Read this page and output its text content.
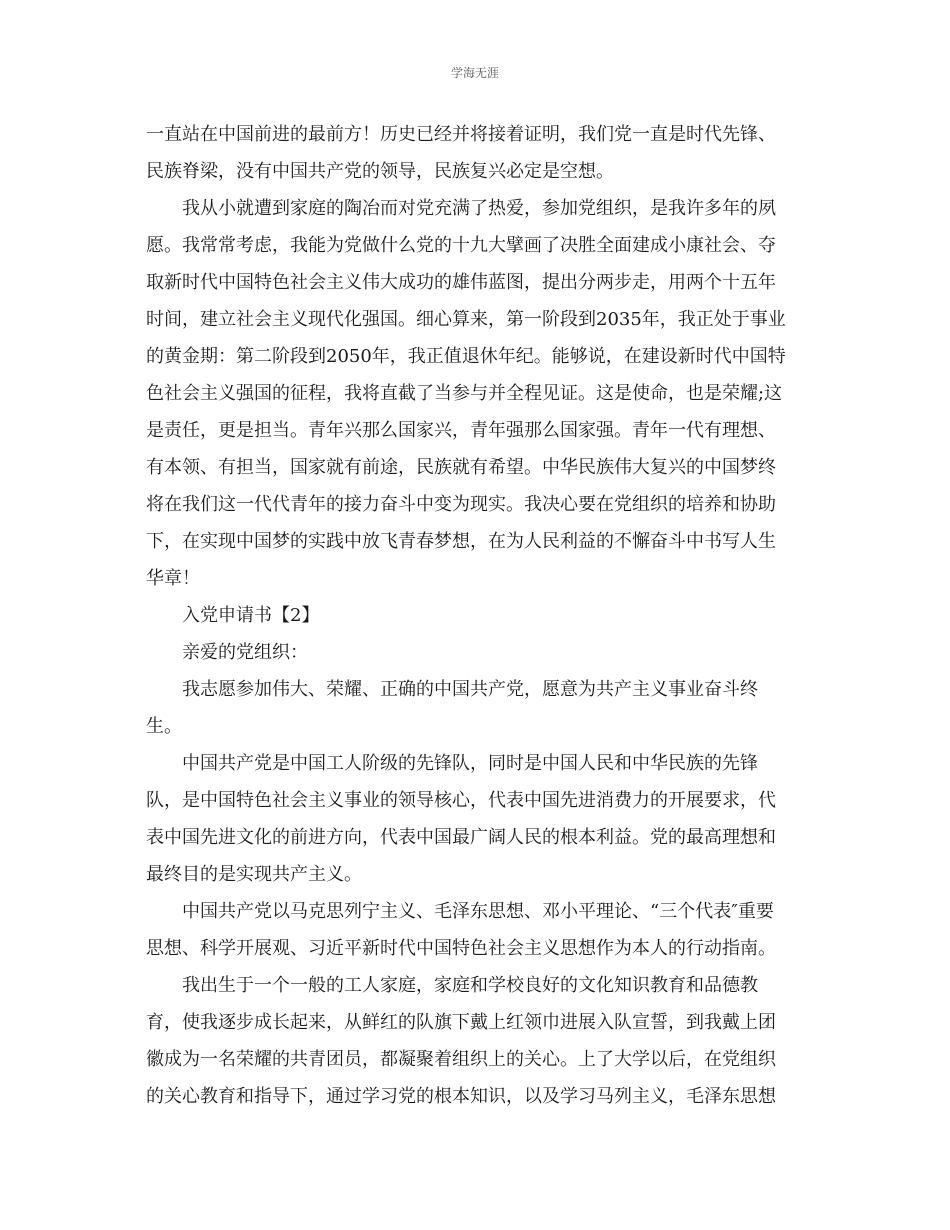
学海无涯
一直站在中国前进的最前方！历史已经并将接着证明，我们党一直是时代先锋、
民族脊梁，没有中国共产党的领导，民族复兴必定是空想。
我从小就遭到家庭的陶冶而对党充满了热爱，参加党组织，是我许多年的夙
愿。我常常考虑，我能为党做什么党的十九大擘画了决胜全面建成小康社会、夺
取新时代中国特色社会主义伟大成功的雄伟蓝图，提出分两步走，用两个十五年
时间，建立社会主义现代化强国。细心算来，第一阶段到2035年，我正处于事业
的黄金期：第二阶段到2050年，我正值退休年纪。能够说，在建设新时代中国特
色社会主义强国的征程，我将直截了当参与并全程见证。这是使命，也是荣耀;这
是责任，更是担当。青年兴那么国家兴，青年强那么国家强。青年一代有理想、
有本领、有担当，国家就有前途，民族就有希望。中华民族伟大复兴的中国梦终
将在我们这一代代青年的接力奋斗中变为现实。我决心要在党组织的培养和协助
下，在实现中国梦的实践中放飞青春梦想，在为人民利益的不懈奋斗中书写人生
华章！
入党申请书【2】
亲爱的党组织：
我志愿参加伟大、荣耀、正确的中国共产党，愿意为共产主义事业奋斗终
生。
中国共产党是中国工人阶级的先锋队，同时是中国人民和中华民族的先锋
队，是中国特色社会主义事业的领导核心，代表中国先进消费力的开展要求，代
表中国先进文化的前进方向，代表中国最广阔人民的根本利益。党的最高理想和
最终目的是实现共产主义。
中国共产党以马克思列宁主义、毛泽东思想、邓小平理论、“三个代表″重要
思想、科学开展观、习近平新时代中国特色社会主义思想作为本人的行动指南。
我出生于一个一般的工人家庭，家庭和学校良好的文化知识教育和品德教
育，使我逐步成长起来，从鲜红的队旗下戴上红领巾进展入队宣誓，到我戴上团
徽成为一名荣耀的共青团员，都凝聚着组织上的关心。上了大学以后，在党组织
的关心教育和指导下，通过学习党的根本知识，以及学习马列主义，毛泽东思想
